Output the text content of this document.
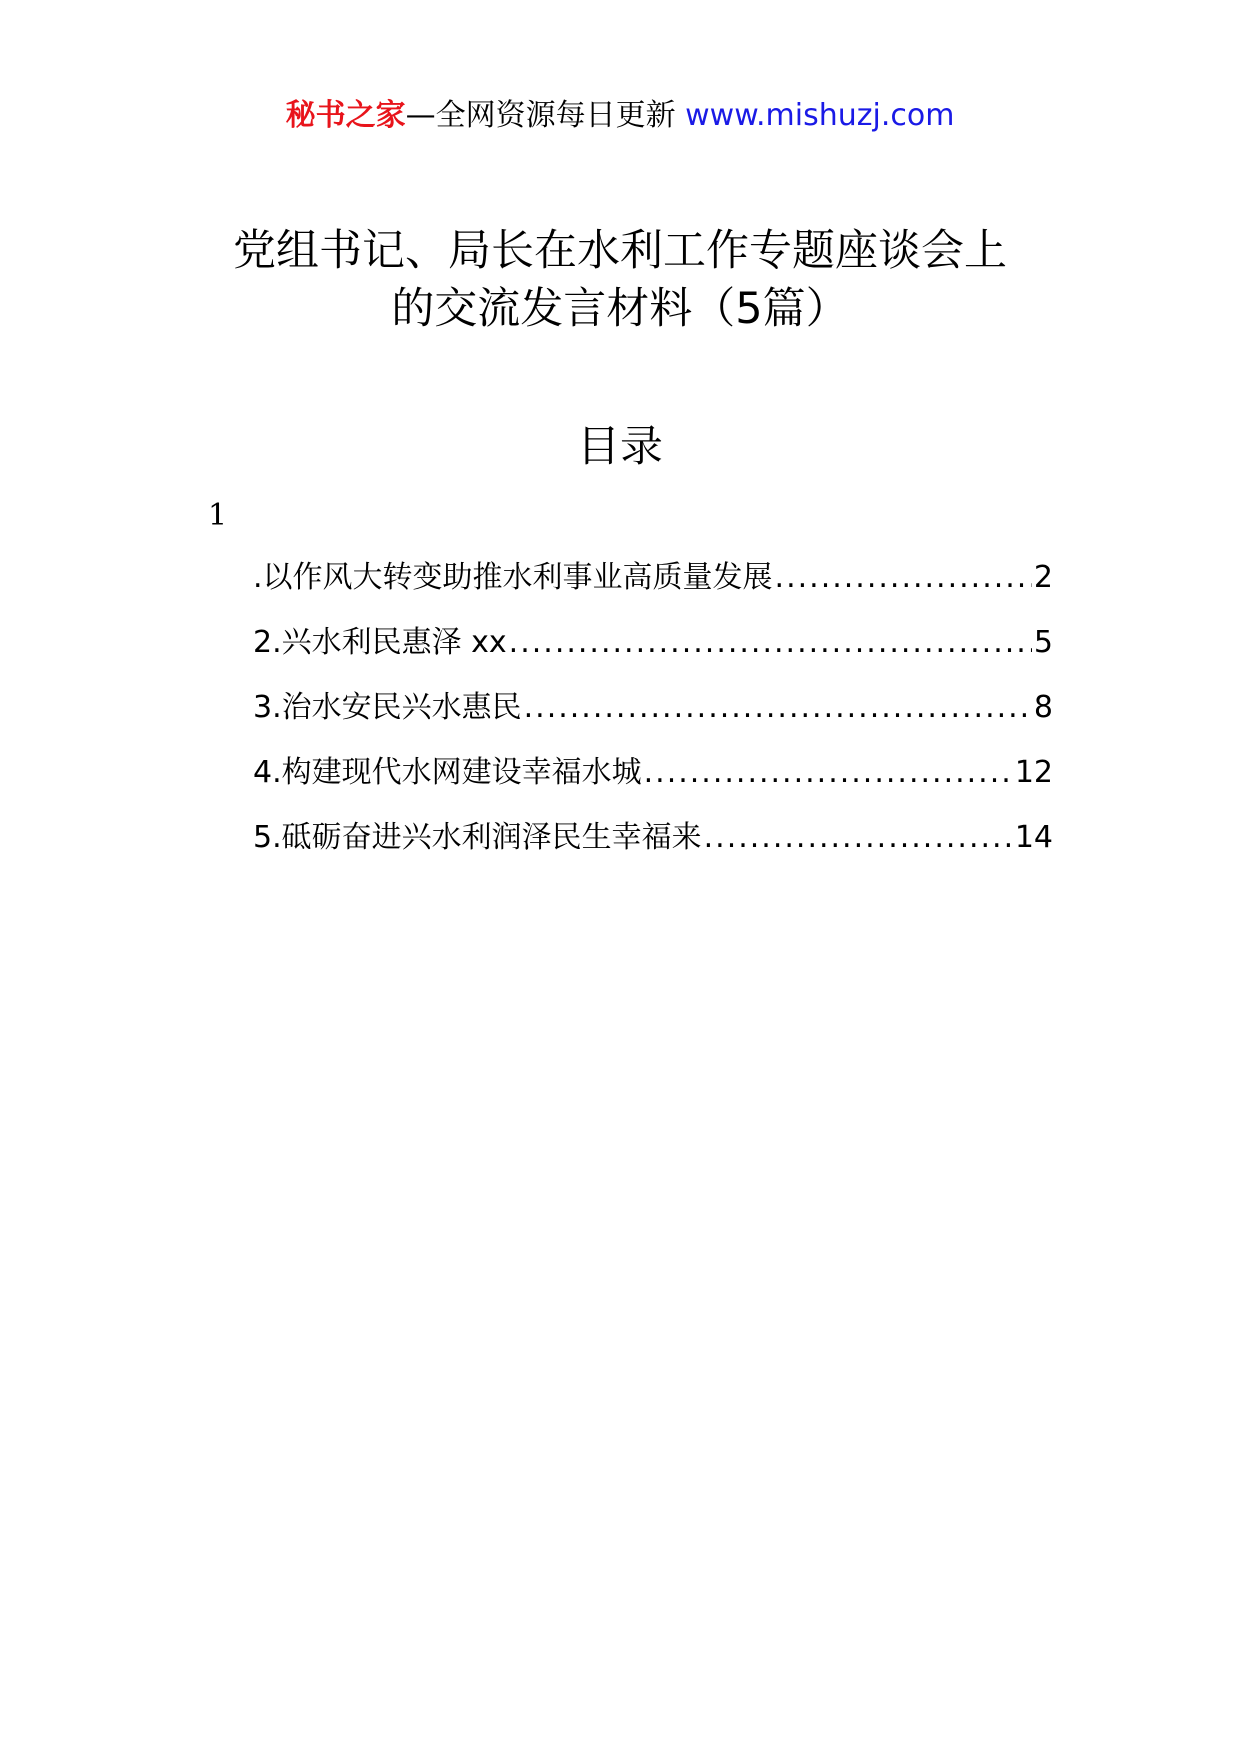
秘书之家—全网资源每日更新 www.mishuzj.com
党组书记、局长在水利工作专题座谈会上
的交流发言材料（5篇）
目录
1
.以作风大转变助推水利事业高质量发展 .....	2
2.兴水利民惠泽 xx .....	5
3.治水安民兴水惠民 .....	8
4.构建现代水网建设幸福水城 .....	12
5.砥砺奋进兴水利润泽民生幸福来 .....	14
